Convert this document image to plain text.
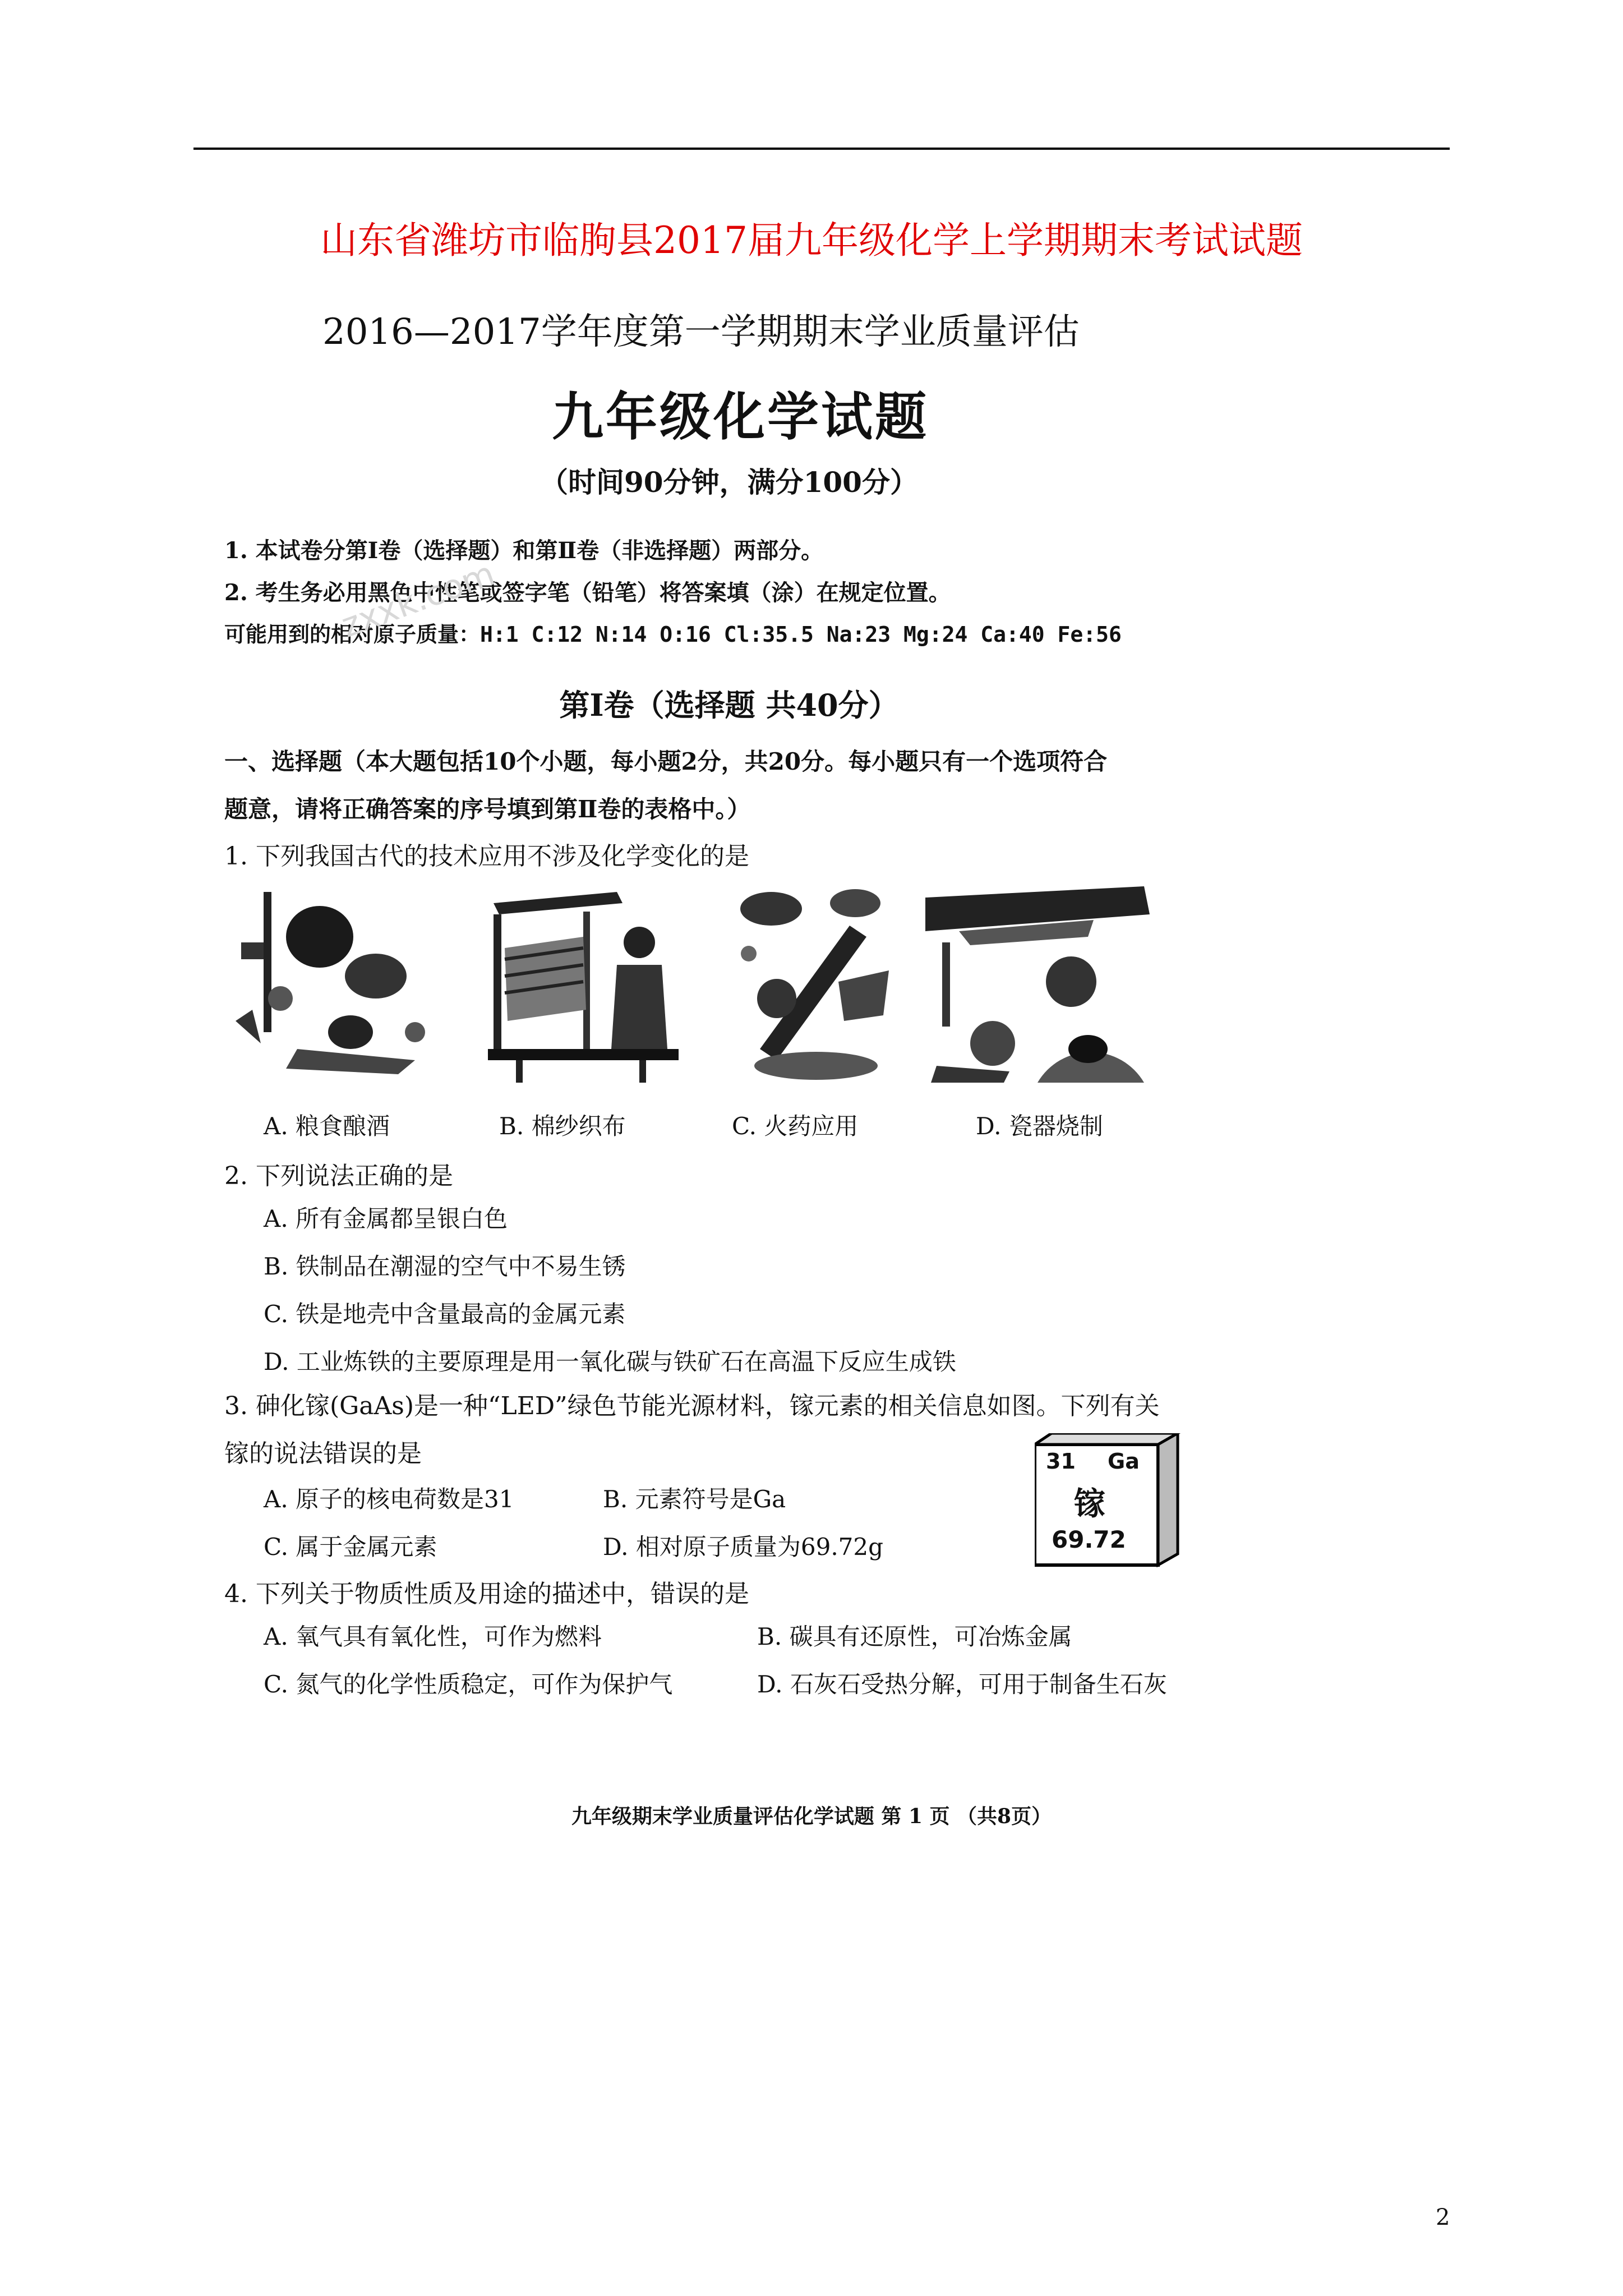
山东省潍坊市临朐县2017届九年级化学上学期期末考试试题
2016—2017学年度第一学期期末学业质量评估
九年级化学试题
（时间90分钟，满分100分）
1. 本试卷分第Ⅰ卷（选择题）和第Ⅱ卷（非选择题）两部分。
2. 考生务必用黑色中性笔或签字笔（铅笔）将答案填（涂）在规定位置。
可能用到的相对原子质量：H:1 C:12 N:14 O:16 Cl:35.5 Na:23 Mg:24 Ca:40 Fe:56
zxxk.com
第Ⅰ卷（选择题 共40分）
一、选择题（本大题包括10个小题，每小题2分，共20分。每小题只有一个选项符合
题意，请将正确答案的序号填到第Ⅱ卷的表格中。）
1. 下列我国古代的技术应用不涉及化学变化的是
A. 粮食酿酒	B. 棉纱织布	C. 火药应用	D. 瓷器烧制
2. 下列说法正确的是
A. 所有金属都呈银白色
B. 铁制品在潮湿的空气中不易生锈
C. 铁是地壳中含量最高的金属元素
D. 工业炼铁的主要原理是用一氧化碳与铁矿石在高温下反应生成铁
3. 砷化镓(GaAs)是一种“LED”绿色节能光源材料，镓元素的相关信息如图。下列有关
镓的说法错误的是
A. 原子的核电荷数是31	B. 元素符号是Ga
C. 属于金属元素	D. 相对原子质量为69.72g
31 Ga
镓
69.72
4. 下列关于物质性质及用途的描述中，错误的是
A. 氧气具有氧化性，可作为燃料	B. 碳具有还原性，可冶炼金属
C. 氮气的化学性质稳定，可作为保护气	D. 石灰石受热分解，可用于制备生石灰
九年级期末学业质量评估化学试题 第 1 页 （共8页）
2
